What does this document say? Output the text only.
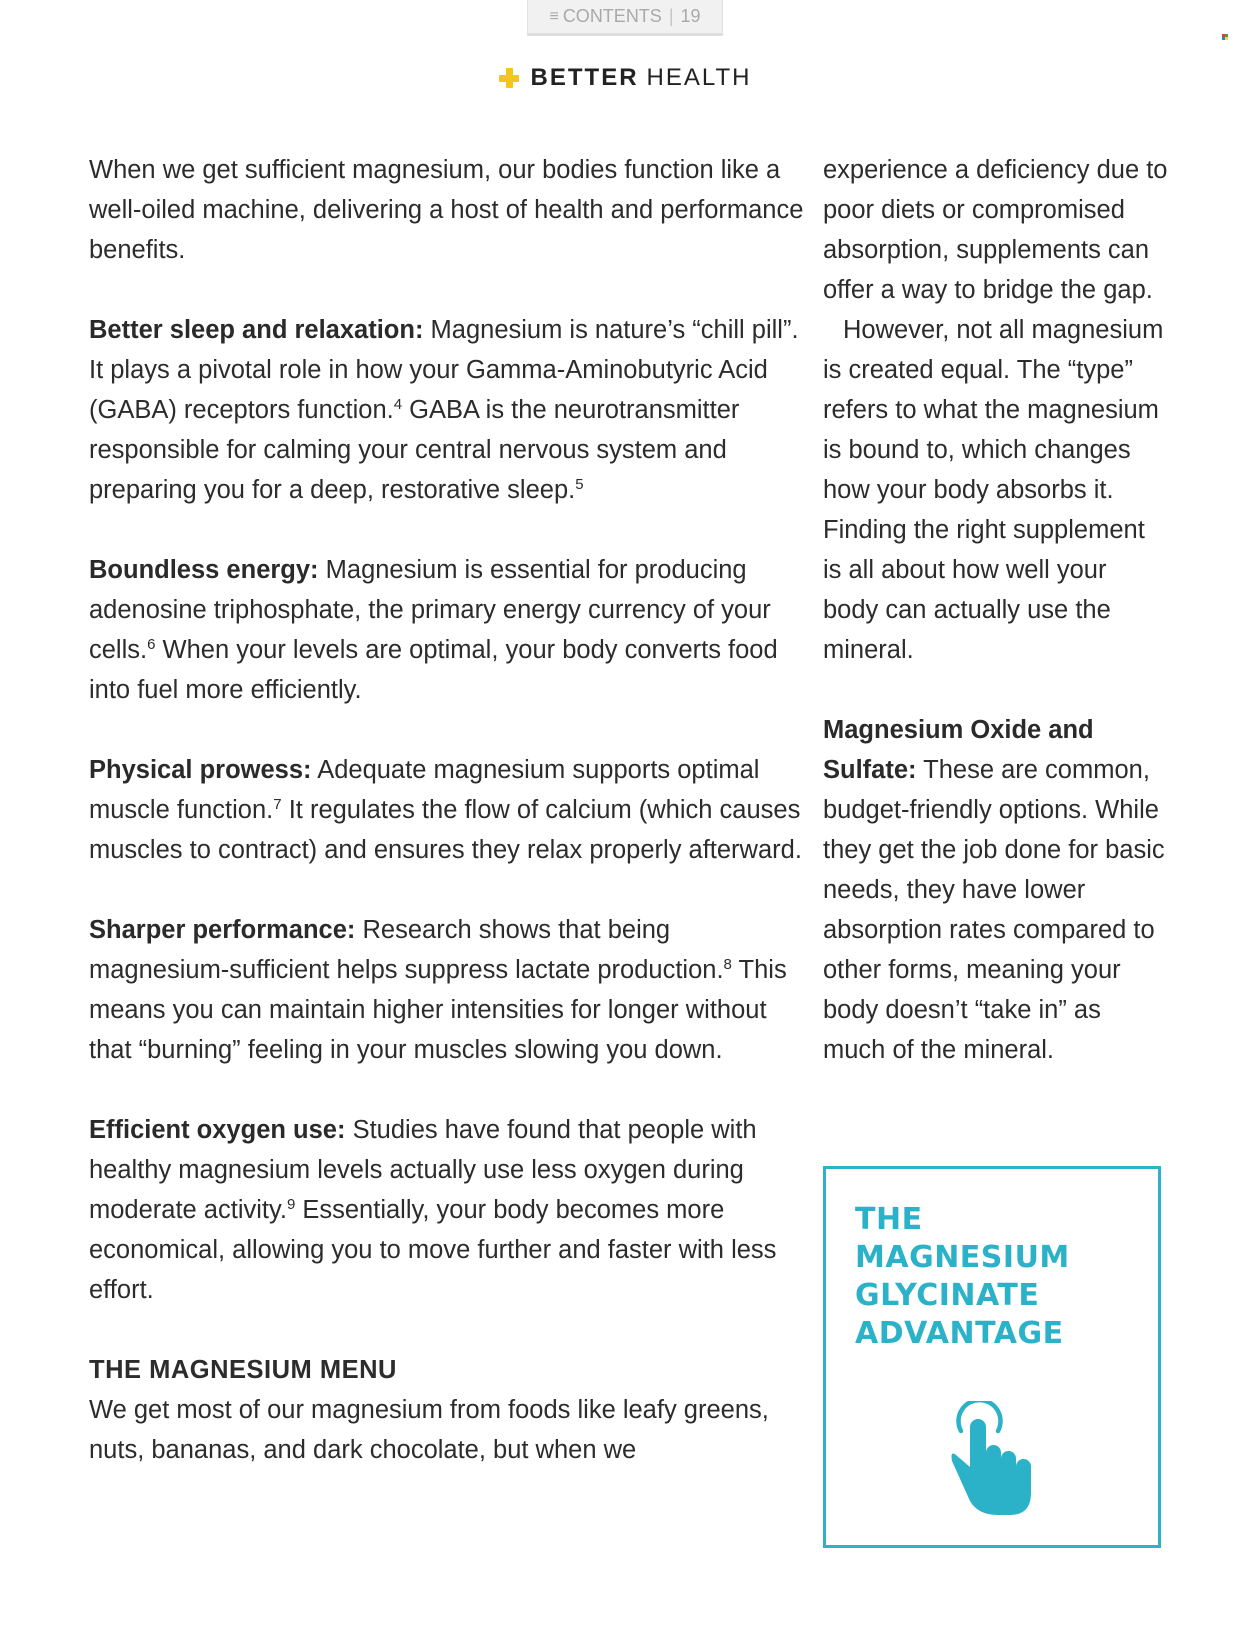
≡ CONTENTS | 19
BETTER HEALTH

When we get sufficient magnesium, our bodies function like a well-oiled machine, delivering a host of health and performance benefits.

Better sleep and relaxation: Magnesium is nature’s “chill pill”. It plays a pivotal role in how your Gamma-Aminobutyric Acid (GABA) receptors function.$^4$ GABA is the neurotransmitter responsible for calming your central nervous system and preparing you for a deep, restorative sleep.$^5$

Boundless energy: Magnesium is essential for producing adenosine triphosphate, the primary energy currency of your cells.$^6$ When your levels are optimal, your body converts food into fuel more efficiently.

Physical prowess: Adequate magnesium supports optimal muscle function.$^7$ It regulates the flow of calcium (which causes muscles to contract) and ensures they relax properly afterward.

Sharper performance: Research shows that being magnesium-sufficient helps suppress lactate production.$^8$ This means you can maintain higher intensities for longer without that “burning” feeling in your muscles slowing you down.

Efficient oxygen use: Studies have found that people with healthy magnesium levels actually use less oxygen during moderate activity.$^9$ Essentially, your body becomes more economical, allowing you to move further and faster with less effort.

THE MAGNESIUM MENU

We get most of our magnesium from foods like leafy greens, nuts, bananas, and dark chocolate, but when we

experience a deficiency due to poor diets or compromised absorption, supplements can offer a way to bridge the gap.

However, not all magnesium is created equal. The “type” refers to what the magnesium is bound to, which changes how your body absorbs it. Finding the right supplement is all about how well your body can actually use the mineral.

Magnesium Oxide and Sulfate: These are common, budget-friendly options. While they get the job done for basic needs, they have lower absorption rates compared to other forms, meaning your body doesn’t “take in” as much of the mineral.

THE MAGNESIUM GLYCINATE ADVANTAGE
